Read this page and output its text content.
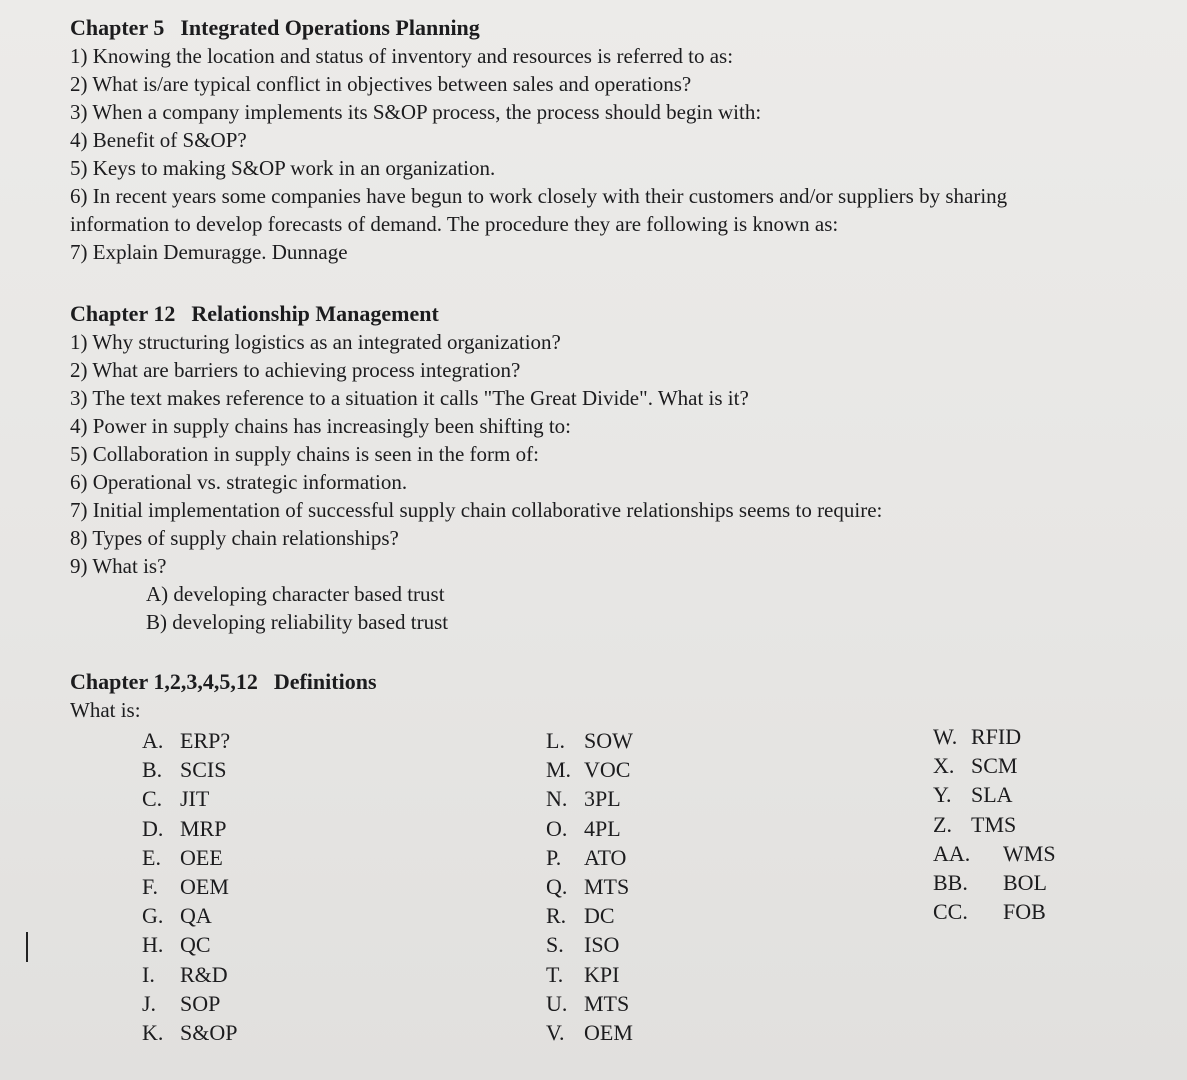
Chapter 5 Integrated Operations Planning

1) Knowing the location and status of inventory and resources is referred to as:

2) What is/are typical conflict in objectives between sales and operations?

3) When a company implements its S&OP process, the process should begin with:

4) Benefit of S&OP?

5) Keys to making S&OP work in an organization.

6) In recent years some companies have begun to work closely with their customers and/or suppliers by sharing

information to develop forecasts of demand. The procedure they are following is known as:

7) Explain Demuragge. Dunnage

Chapter 12 Relationship Management

1) Why structuring logistics as an integrated organization?

2) What are barriers to achieving process integration?

3) The text makes reference to a situation it calls "The Great Divide". What is it?

4) Power in supply chains has increasingly been shifting to:

5) Collaboration in supply chains is seen in the form of:

6) Operational vs. strategic information.

7) Initial implementation of successful supply chain collaborative relationships seems to require:

8) Types of supply chain relationships?

9) What is?

A) developing character based trust

B) developing reliability based trust

Chapter 1,2,3,4,5,12 Definitions

What is:

A. ERP?
B. SCIS
C. JIT
D. MRP
E. OEE
F. OEM
G. QA
H. QC
I. R&D
J. SOP
K. S&OP
L. SOW
M. VOC
N. 3PL
O. 4PL
P. ATO
Q. MTS
R. DC
S. ISO
T. KPI
U. MTS
V. OEM
W. RFID
X. SCM
Y. SLA
Z. TMS
AA. WMS
BB. BOL
CC. FOB
